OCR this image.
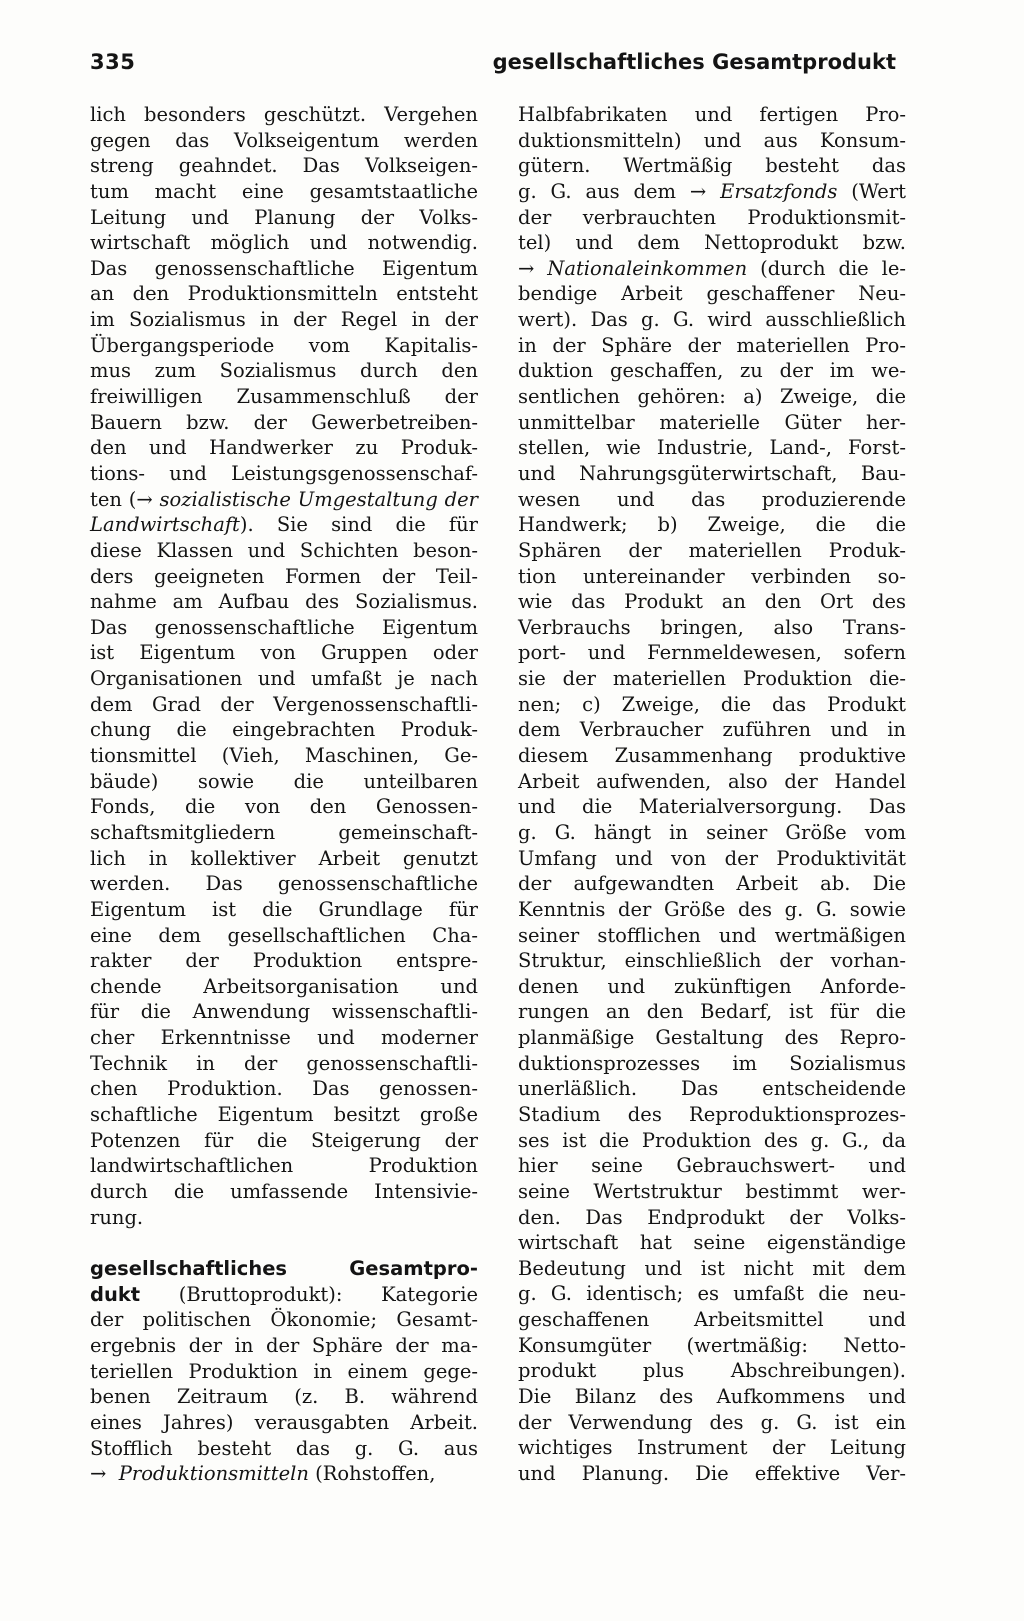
335	gesellschaftliches Gesamtprodukt
lich besonders geschützt. Vergehen
gegen das Volkseigentum werden
streng geahndet. Das Volkseigen-
tum macht eine gesamtstaatliche
Leitung und Planung der Volks-
wirtschaft möglich und notwendig.
Das genossenschaftliche Eigentum
an den Produktionsmitteln entsteht
im Sozialismus in der Regel in der
Übergangsperiode vom Kapitalis-
mus zum Sozialismus durch den
freiwilligen Zusammenschluß der
Bauern bzw. der Gewerbetreiben-
den und Handwerker zu Produk-
tions- und Leistungsgenossenschaf-
ten (→ sozialistische Umgestaltung der
Landwirtschaft). Sie sind die für
diese Klassen und Schichten beson-
ders geeigneten Formen der Teil-
nahme am Aufbau des Sozialismus.
Das genossenschaftliche Eigentum
ist Eigentum von Gruppen oder
Organisationen und umfaßt je nach
dem Grad der Vergenossenschaftli-
chung die eingebrachten Produk-
tionsmittel (Vieh, Maschinen, Ge-
bäude) sowie die unteilbaren
Fonds, die von den Genossen-
schaftsmitgliedern gemeinschaft-
lich in kollektiver Arbeit genutzt
werden. Das genossenschaftliche
Eigentum ist die Grundlage für
eine dem gesellschaftlichen Cha-
rakter der Produktion entspre-
chende Arbeitsorganisation und
für die Anwendung wissenschaftli-
cher Erkenntnisse und moderner
Technik in der genossenschaftli-
chen Produktion. Das genossen-
schaftliche Eigentum besitzt große
Potenzen für die Steigerung der
landwirtschaftlichen Produktion
durch die umfassende Intensivie-
rung.
gesellschaftliches Gesamtpro-
dukt (Bruttoprodukt): Kategorie
der politischen Ökonomie; Gesamt-
ergebnis der in der Sphäre der ma-
teriellen Produktion in einem gege-
benen Zeitraum (z. B. während
eines Jahres) verausgabten Arbeit.
Stofflich besteht das g. G. aus
→ Produktionsmitteln (Rohstoffen,
Halbfabrikaten und fertigen Pro-
duktionsmitteln) und aus Konsum-
gütern. Wertmäßig besteht das
g. G. aus dem → Ersatzfonds (Wert
der verbrauchten Produktionsmit-
tel) und dem Nettoprodukt bzw.
→ Nationaleinkommen (durch die le-
bendige Arbeit geschaffener Neu-
wert). Das g. G. wird ausschließlich
in der Sphäre der materiellen Pro-
duktion geschaffen, zu der im we-
sentlichen gehören: a) Zweige, die
unmittelbar materielle Güter her-
stellen, wie Industrie, Land-, Forst-
und Nahrungsgüterwirtschaft, Bau-
wesen und das produzierende
Handwerk; b) Zweige, die die
Sphären der materiellen Produk-
tion untereinander verbinden so-
wie das Produkt an den Ort des
Verbrauchs bringen, also Trans-
port- und Fernmeldewesen, sofern
sie der materiellen Produktion die-
nen; c) Zweige, die das Produkt
dem Verbraucher zuführen und in
diesem Zusammenhang produktive
Arbeit aufwenden, also der Handel
und die Materialversorgung. Das
g. G. hängt in seiner Größe vom
Umfang und von der Produktivität
der aufgewandten Arbeit ab. Die
Kenntnis der Größe des g. G. sowie
seiner stofflichen und wertmäßigen
Struktur, einschließlich der vorhan-
denen und zukünftigen Anforde-
rungen an den Bedarf, ist für die
planmäßige Gestaltung des Repro-
duktionsprozesses im Sozialismus
unerläßlich. Das entscheidende
Stadium des Reproduktionsprozes-
ses ist die Produktion des g. G., da
hier seine Gebrauchswert- und
seine Wertstruktur bestimmt wer-
den. Das Endprodukt der Volks-
wirtschaft hat seine eigenständige
Bedeutung und ist nicht mit dem
g. G. identisch; es umfaßt die neu-
geschaffenen Arbeitsmittel und
Konsumgüter (wertmäßig: Netto-
produkt plus Abschreibungen).
Die Bilanz des Aufkommens und
der Verwendung des g. G. ist ein
wichtiges Instrument der Leitung
und Planung. Die effektive Ver-
